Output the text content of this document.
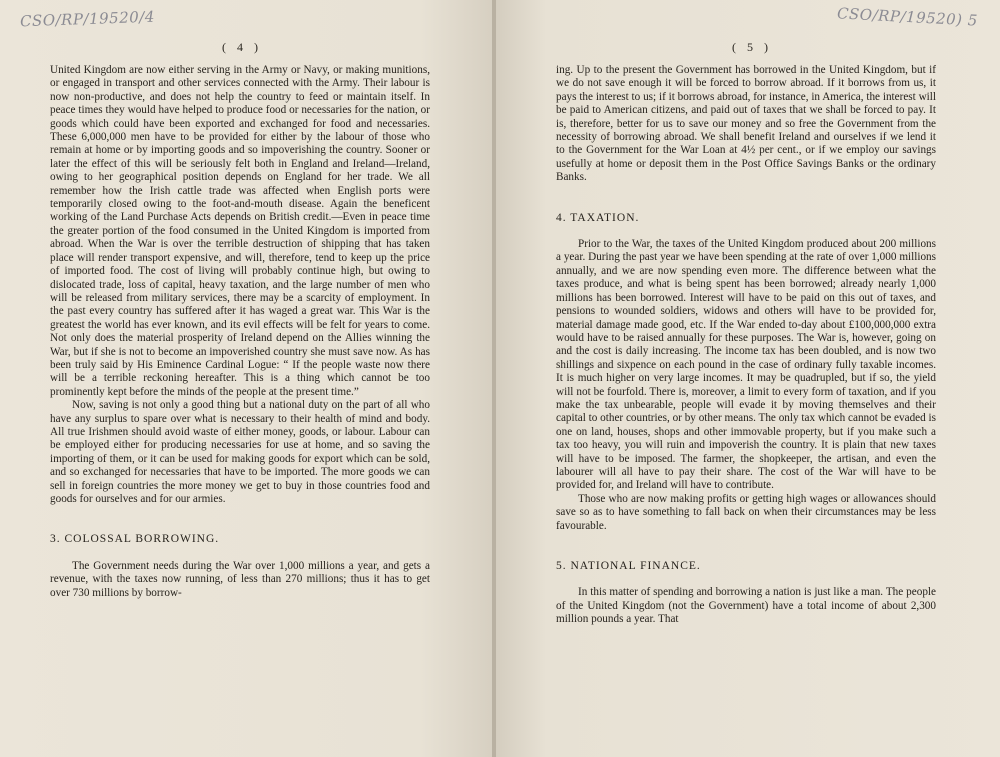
CSO/RP/19520/4
( 4 )

United Kingdom are now either serving in the Army or Navy, or making munitions, or engaged in transport and other services connected with the Army. Their labour is now non-productive, and does not help the country to feed or maintain itself. In peace times they would have helped to produce food or necessaries for the nation, or goods which could have been exported and exchanged for food and necessaries. These 6,000,000 men have to be provided for either by the labour of those who remain at home or by importing goods and so impoverishing the country. Sooner or later the effect of this will be seriously felt both in England and Ireland—Ireland, owing to her geographical position depends on England for her trade. We all remember how the Irish cattle trade was affected when English ports were temporarily closed owing to the foot-and-mouth disease. Again the beneficent working of the Land Purchase Acts depends on British credit.—Even in peace time the greater portion of the food consumed in the United Kingdom is imported from abroad. When the War is over the terrible destruction of shipping that has taken place will render transport expensive, and will, therefore, tend to keep up the price of imported food. The cost of living will probably continue high, but owing to dislocated trade, loss of capital, heavy taxation, and the large number of men who will be released from military services, there may be a scarcity of employment. In the past every country has suffered after it has waged a great war. This War is the greatest the world has ever known, and its evil effects will be felt for years to come. Not only does the material prosperity of Ireland depend on the Allies winning the War, but if she is not to become an impoverished country she must save now. As has been truly said by His Eminence Cardinal Logue: “ If the people waste now there will be a terrible reckoning hereafter. This is a thing which cannot be too prominently kept before the minds of the people at the present time.”

Now, saving is not only a good thing but a national duty on the part of all who have any surplus to spare over what is necessary to their health of mind and body. All true Irishmen should avoid waste of either money, goods, or labour. Labour can be employed either for producing necessaries for use at home, and so saving the importing of them, or it can be used for making goods for export which can be sold, and so exchanged for necessaries that have to be imported. The more goods we can sell in foreign countries the more money we get to buy in those countries food and goods for ourselves and for our armies.

3. COLOSSAL BORROWING.

The Government needs during the War over 1,000 millions a year, and gets a revenue, with the taxes now running, of less than 270 millions; thus it has to get over 730 millions by borrow-

CSO/RP/19520) 5
( 5 )

ing. Up to the present the Government has borrowed in the United Kingdom, but if we do not save enough it will be forced to borrow abroad. If it borrows from us, it pays the interest to us; if it borrows abroad, for instance, in America, the interest will be paid to American citizens, and paid out of taxes that we shall be forced to pay. It is, therefore, better for us to save our money and so free the Government from the necessity of borrowing abroad. We shall benefit Ireland and ourselves if we lend it to the Government for the War Loan at 4½ per cent., or if we employ our savings usefully at home or deposit them in the Post Office Savings Banks or the ordinary Banks.

4. TAXATION.

Prior to the War, the taxes of the United Kingdom produced about 200 millions a year. During the past year we have been spending at the rate of over 1,000 millions annually, and we are now spending even more. The difference between what the taxes produce, and what is being spent has been borrowed; already nearly 1,000 millions has been borrowed. Interest will have to be paid on this out of taxes, and pensions to wounded soldiers, widows and others will have to be provided for, material damage made good, etc. If the War ended to-day about £100,000,000 extra would have to be raised annually for these purposes. The War is, however, going on and the cost is daily increasing. The income tax has been doubled, and is now two shillings and sixpence on each pound in the case of ordinary fully taxable incomes. It is much higher on very large incomes. It may be quadrupled, but if so, the yield will not be fourfold. There is, moreover, a limit to every form of taxation, and if you make the tax unbearable, people will evade it by moving themselves and their capital to other countries, or by other means. The only tax which cannot be evaded is one on land, houses, shops and other immovable property, but if you make such a tax too heavy, you will ruin and impoverish the country. It is plain that new taxes will have to be imposed. The farmer, the shopkeeper, the artisan, and even the labourer will all have to pay their share. The cost of the War will have to be provided for, and Ireland will have to contribute.

Those who are now making profits or getting high wages or allowances should save so as to have something to fall back on when their circumstances may be less favourable.

5. NATIONAL FINANCE.

In this matter of spending and borrowing a nation is just like a man. The people of the United Kingdom (not the Government) have a total income of about 2,300 million pounds a year. That
